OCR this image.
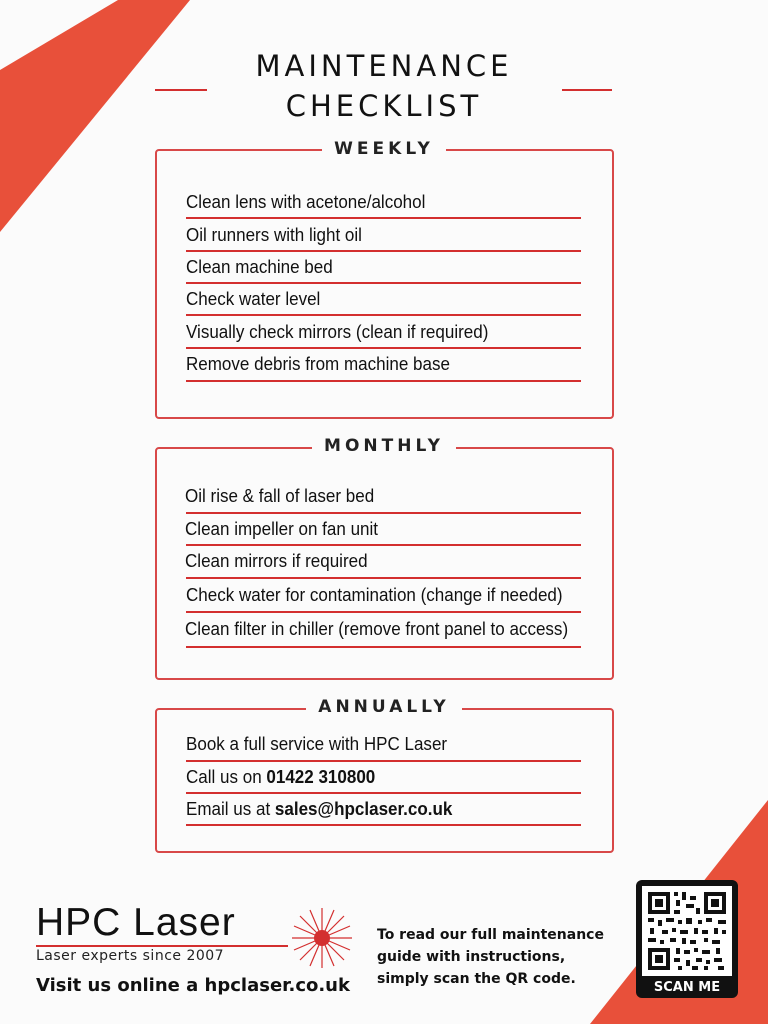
MAINTENANCE
CHECKLIST
WEEKLY
Clean lens with acetone/alcohol
Oil runners with light oil
Clean machine bed
Check water level
Visually check mirrors (clean if required)
Remove debris from machine base
MONTHLY
Oil rise & fall of laser bed
Clean impeller on fan unit
Clean mirrors if required
Check water for contamination (change if needed)
Clean filter in chiller (remove front panel to access)
ANNUALLY
Book a full service with HPC Laser
Call us on 01422 310800
Email us at sales@hpclaser.co.uk
HPC Laser
Laser experts since 2007
Visit us online a hpclaser.co.uk
To read our full maintenance
guide with instructions,
simply scan the QR code.
SCAN ME
